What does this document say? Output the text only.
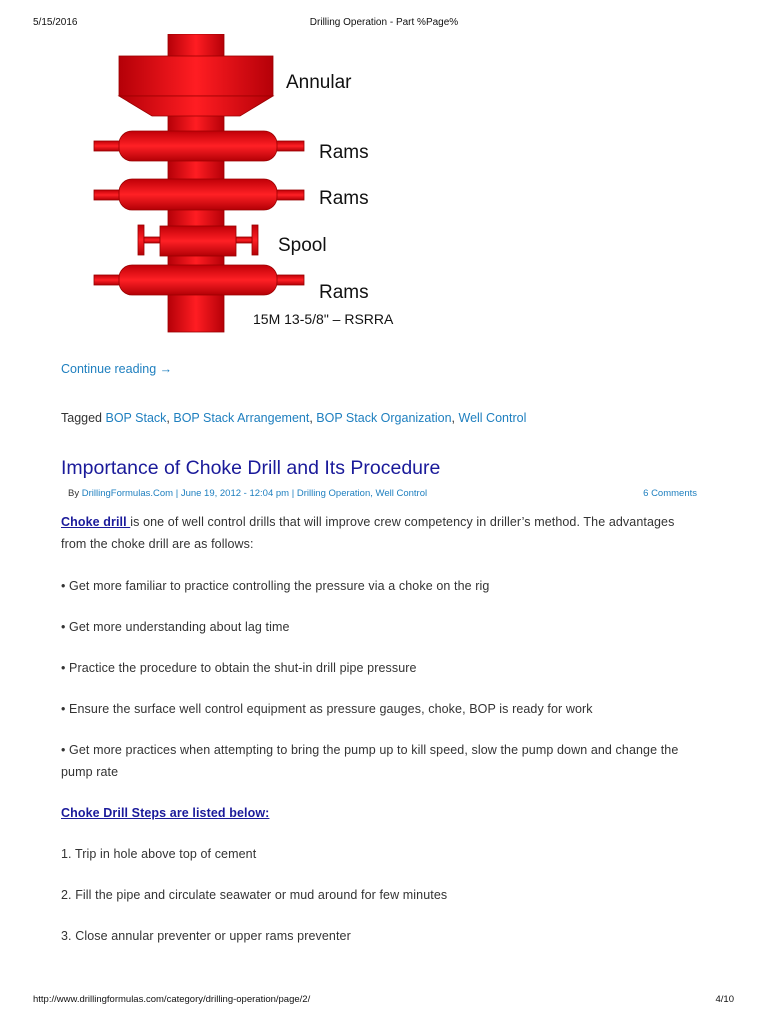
5/15/2016	Drilling Operation - Part %Page%
Annular
Rams
Rams
Spool
Rams
15M 13-5/8" – RSRRA
Continue reading →
Tagged BOP Stack, BOP Stack Arrangement, BOP Stack Organization, Well Control
Importance of Choke Drill and Its Procedure
By DrillingFormulas.Com | June 19, 2012 - 12:04 pm | Drilling Operation, Well Control	6 Comments

Choke drill is one of well control drills that will improve crew competency in driller’s method. The advantages from the choke drill are as follows:

• Get more familiar to practice controlling the pressure via a choke on the rig

• Get more understanding about lag time

• Practice the procedure to obtain the shut-in drill pipe pressure

• Ensure the surface well control equipment as pressure gauges, choke, BOP is ready for work

• Get more practices when attempting to bring the pump up to kill speed, slow the pump down and change the pump rate

Choke Drill Steps are listed below:

1. Trip in hole above top of cement

2. Fill the pipe and circulate seawater or mud around for few minutes

3. Close annular preventer or upper rams preventer

http://www.drillingformulas.com/category/drilling-operation/page/2/	4/10
